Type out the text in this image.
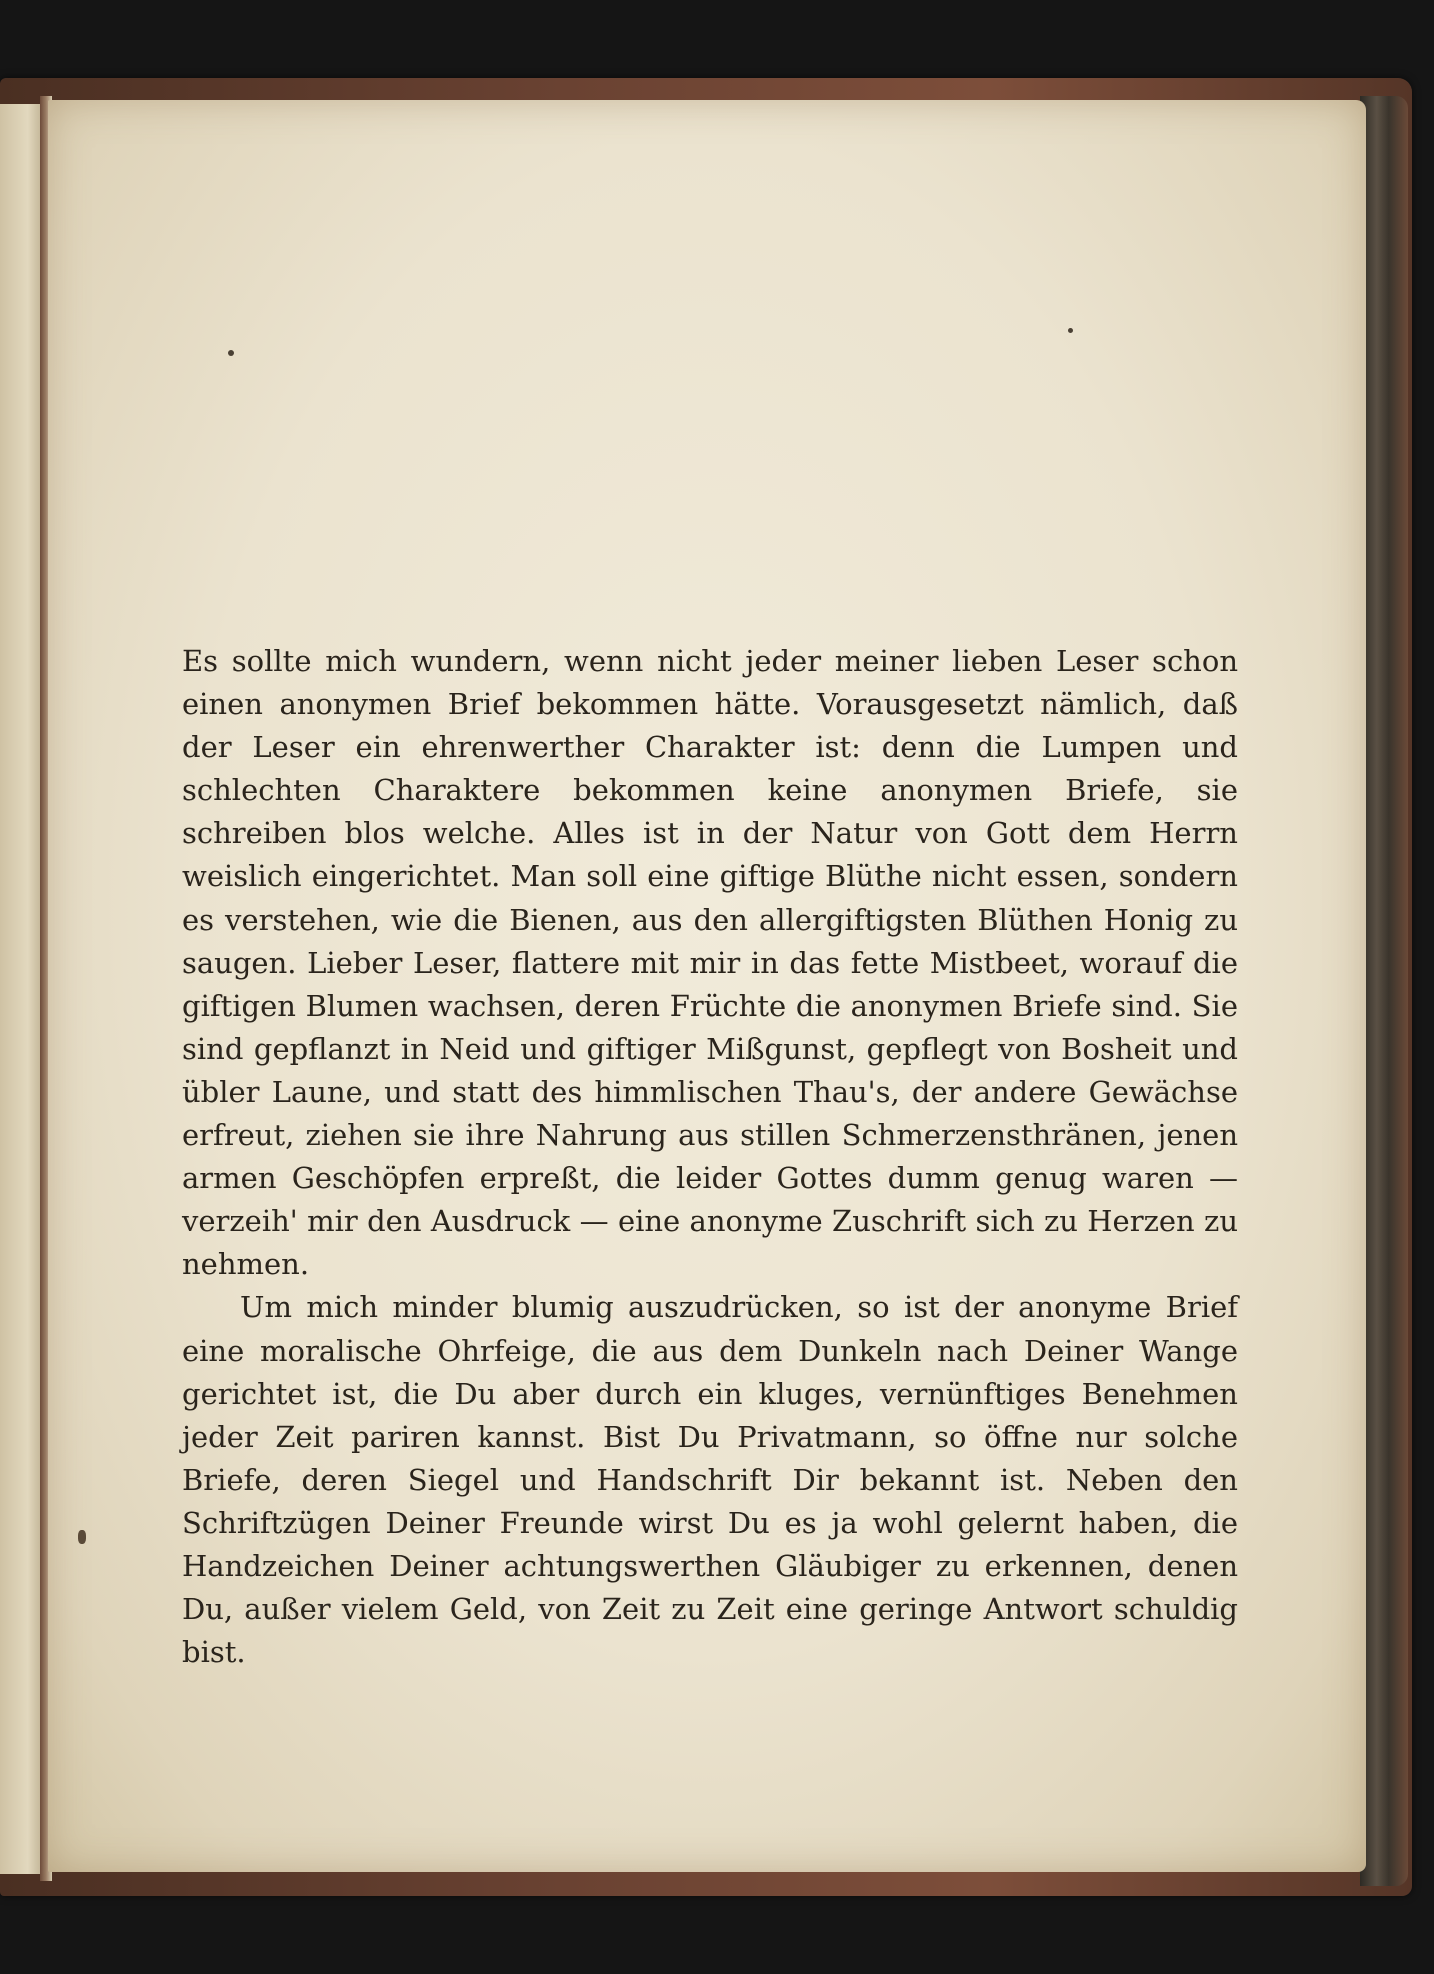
Es sollte mich wundern, wenn nicht jeder meiner lieben Leser schon einen anonymen Brief bekommen hätte. Vorausgesetzt nämlich, daß der Leser ein ehrenwerther Charakter ist: denn die Lumpen und schlechten Charaktere bekommen keine anonymen Briefe, sie schreiben blos welche. Alles ist in der Natur von Gott dem Herrn weislich eingerichtet. Man soll eine giftige Blüthe nicht essen, sondern es verstehen, wie die Bienen, aus den allergiftigsten Blüthen Honig zu saugen. Lieber Leser, flattere mit mir in das fette Mistbeet, worauf die giftigen Blumen wachsen, deren Früchte die anonymen Briefe sind. Sie sind gepflanzt in Neid und giftiger Mißgunst, gepflegt von Bosheit und übler Laune, und statt des himmlischen Thau's, der andere Gewächse erfreut, ziehen sie ihre Nahrung aus stillen Schmerzensthränen, jenen armen Geschöpfen erpreßt, die leider Gottes dumm genug waren — verzeih' mir den Ausdruck — eine anonyme Zuschrift sich zu Herzen zu nehmen.

Um mich minder blumig auszudrücken, so ist der anonyme Brief eine moralische Ohrfeige, die aus dem Dunkeln nach Deiner Wange gerichtet ist, die Du aber durch ein kluges, vernünftiges Benehmen jeder Zeit pariren kannst. Bist Du Privatmann, so öffne nur solche Briefe, deren Siegel und Handschrift Dir bekannt ist. Neben den Schriftzügen Deiner Freunde wirst Du es ja wohl gelernt haben, die Handzeichen Deiner achtungswerthen Gläubiger zu erkennen, denen Du, außer vielem Geld, von Zeit zu Zeit eine geringe Antwort schuldig bist.
